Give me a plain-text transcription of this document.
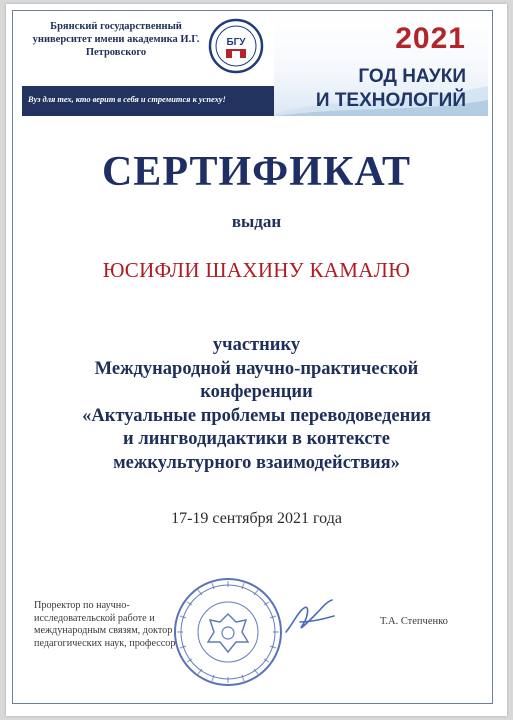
Брянский государственный университет имени академика И.Г. Петровского
БГУ
Вуз для тех, кто верит в себя и стремится к успеху!
2021
ГОД НАУКИ
И ТЕХНОЛОГИЙ
СЕРТИФИКАТ
выдан
ЮСИФЛИ ШАХИНУ КАМАЛЮ
участнику
Международной научно-практической
конференции
«Актуальные проблемы переводоведения
и лингводидактики в контексте
межкультурного взаимодействия»
17-19 сентября 2021 года
Проректор по научно-исследовательской работе и международным связям, доктор педагогических наук, профессор
Т.А. Степченко
